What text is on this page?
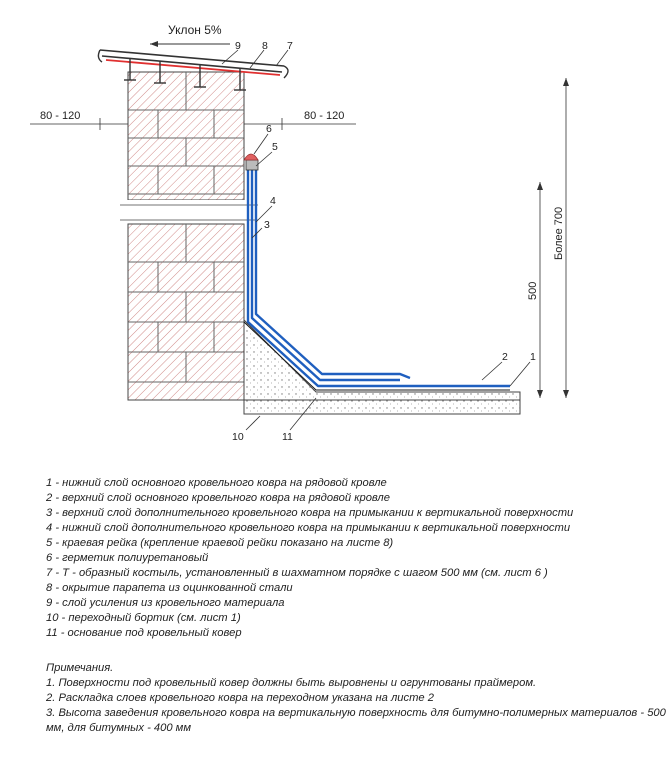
Уклон 5%
80 - 120	80 - 120
500
Более 700
9 8 7
6
5
4
3
2 1
10	11
1 - нижний слой основного кровельного ковра на рядовой кровле
2 - верхний слой основного кровельного ковра на рядовой кровле
3 - верхний слой дополнительного кровельного ковра на примыкании к вертикальной поверхности
4 - нижний слой дополнительного кровельного ковра на примыкании к вертикальной поверхности
5 - краевая рейка (крепление краевой рейки показано на листе 8)
6 - герметик полиуретановый
7 - Т - образный костыль, установленный в шахматном порядке с шагом 500 мм (см. лист 6 )
8 - окрытие парапета из оцинкованной стали
9 - слой усиления из кровельного материала
10 - переходный бортик (см. лист 1)
11 - основание под кровельный ковер
Примечания.
1. Поверхности под кровельный ковер должны быть выровнены и огрунтованы праймером.
2. Раскладка слоев кровельного ковра на переходном указана на листе 2
3. Высота заведения кровельного ковра на вертикальную поверхность для битумно-полимерных материалов - 500 мм, для битумных - 400 мм
